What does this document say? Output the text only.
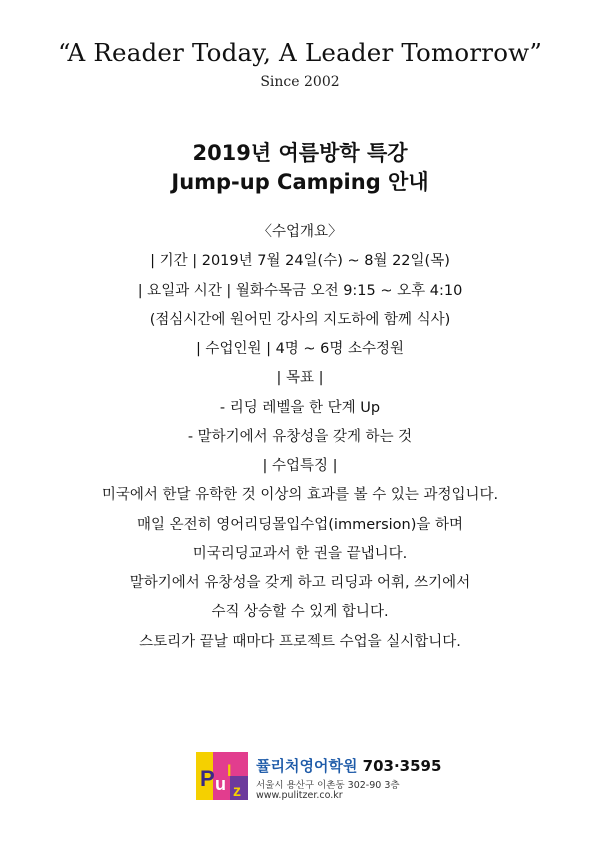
“A Reader Today, A Leader Tomorrow”
Since 2002
2019년 여름방학 특강
Jump-up Camping 안내
〈수업개요〉
| 기간 | 2019년 7월 24일(수) ~ 8월 22일(목)
| 요일과 시간 | 월화수목금 오전 9:15 ~ 오후 4:10
(점심시간에 원어민 강사의 지도하에 함께 식사)
| 수업인원 | 4명 ~ 6명 소수정원
| 목표 |
- 리딩 레벨을 한 단계 Up
- 말하기에서 유창성을 갖게 하는 것
| 수업특징 |
미국에서 한달 유학한 것 이상의 효과를 볼 수 있는 과정입니다.
매일 온전히 영어리딩몰입수업(immersion)을 하며
미국리딩교과서 한 권을 끝냅니다.
말하기에서 유창성을 갖게 하고 리딩과 어휘, 쓰기에서
수직 상승할 수 있게 합니다.
스토리가 끝날 때마다 프로젝트 수업을 실시합니다.
P u
l
z
퓰리처영어학원 703·3595
서울시 용산구 이촌동 302-90 3층
www.pulitzer.co.kr
